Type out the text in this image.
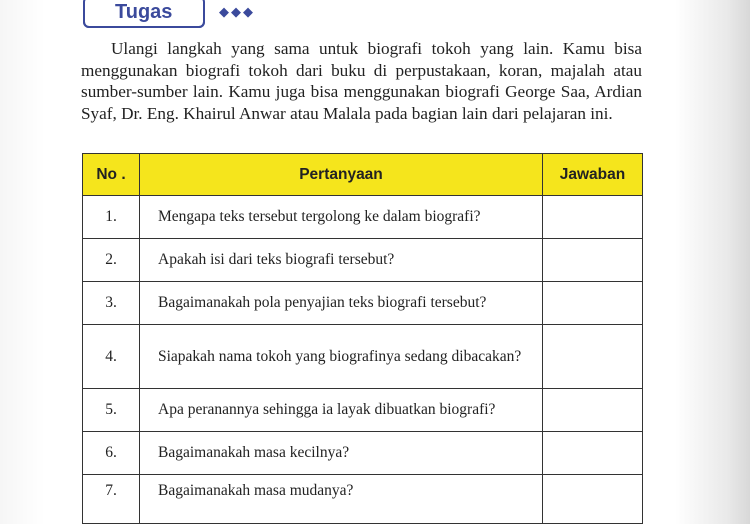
Tugas	◆◆◆

Ulangi langkah yang sama untuk biografi tokoh yang lain. Kamu bisa menggunakan biografi tokoh dari buku di perpustakaan, koran, majalah atau sumber-sumber lain. Kamu juga bisa menggunakan biografi George Saa, Ardian Syaf, Dr. Eng. Khairul Anwar atau Malala pada bagian lain dari pelajaran ini.

No .	Pertanyaan	Jawaban
1.	Mengapa teks tersebut tergolong ke dalam biografi?	
2.	Apakah isi dari teks biografi tersebut?	
3.	Bagaimanakah pola penyajian teks biografi tersebut?	
4.	Siapakah nama tokoh yang biografinya sedang dibacakan?	
5.	Apa peranannya sehingga ia layak dibuatkan biografi?	
6.	Bagaimanakah masa kecilnya?	
7.	Bagaimanakah masa mudanya?	
